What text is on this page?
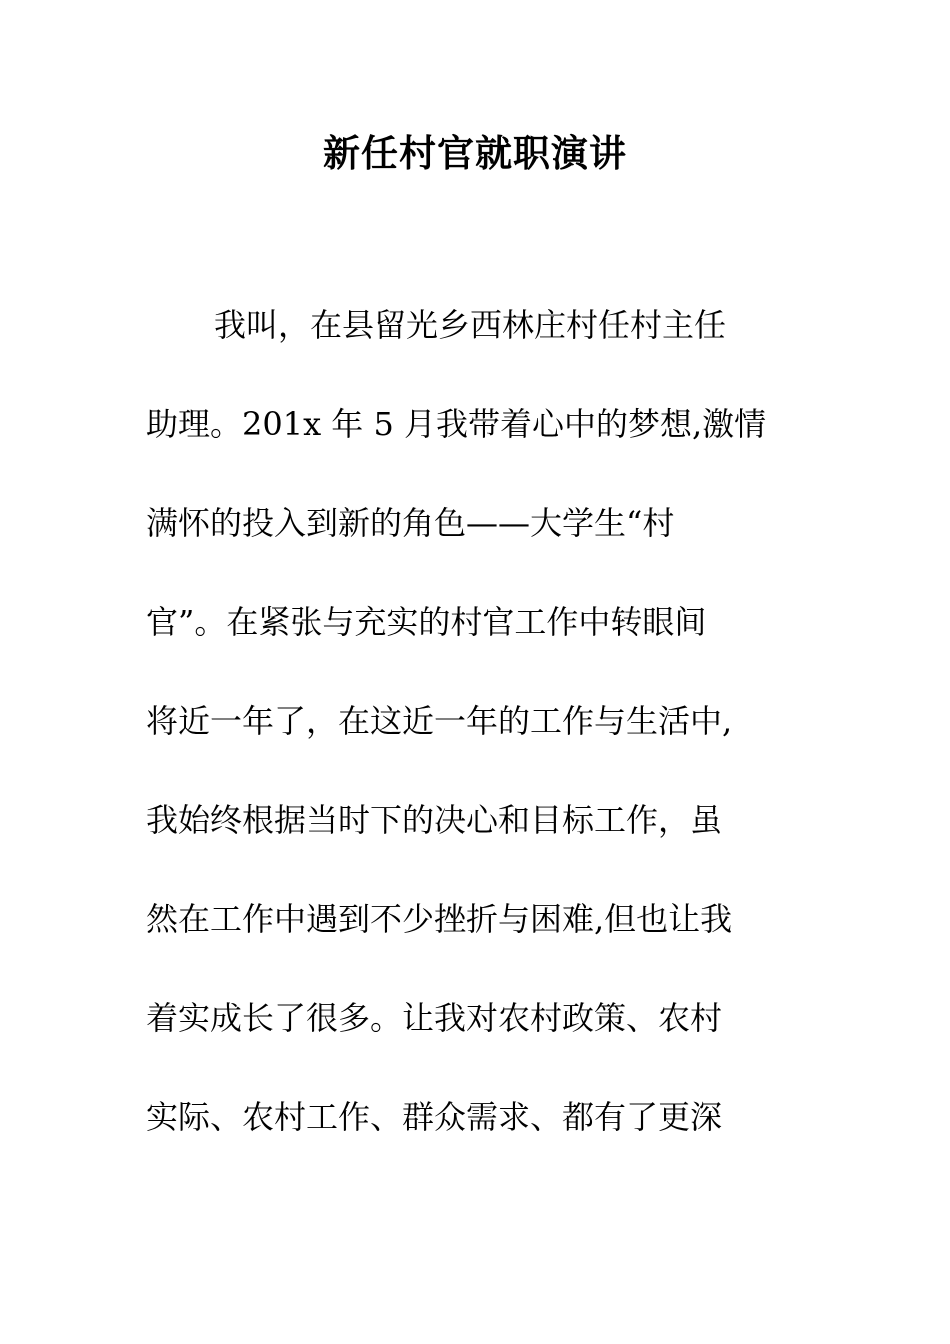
新任村官就职演讲
我叫，在县留光乡西林庄村任村主任
助理。201x 年 5 月我带着心中的梦想,激情
满怀的投入到新的角色——大学生“村
官”。在紧张与充实的村官工作中转眼间
将近一年了，在这近一年的工作与生活中,
我始终根据当时下的决心和目标工作，虽
然在工作中遇到不少挫折与困难,但也让我
着实成长了很多。让我对农村政策、农村
实际、农村工作、群众需求、都有了更深
